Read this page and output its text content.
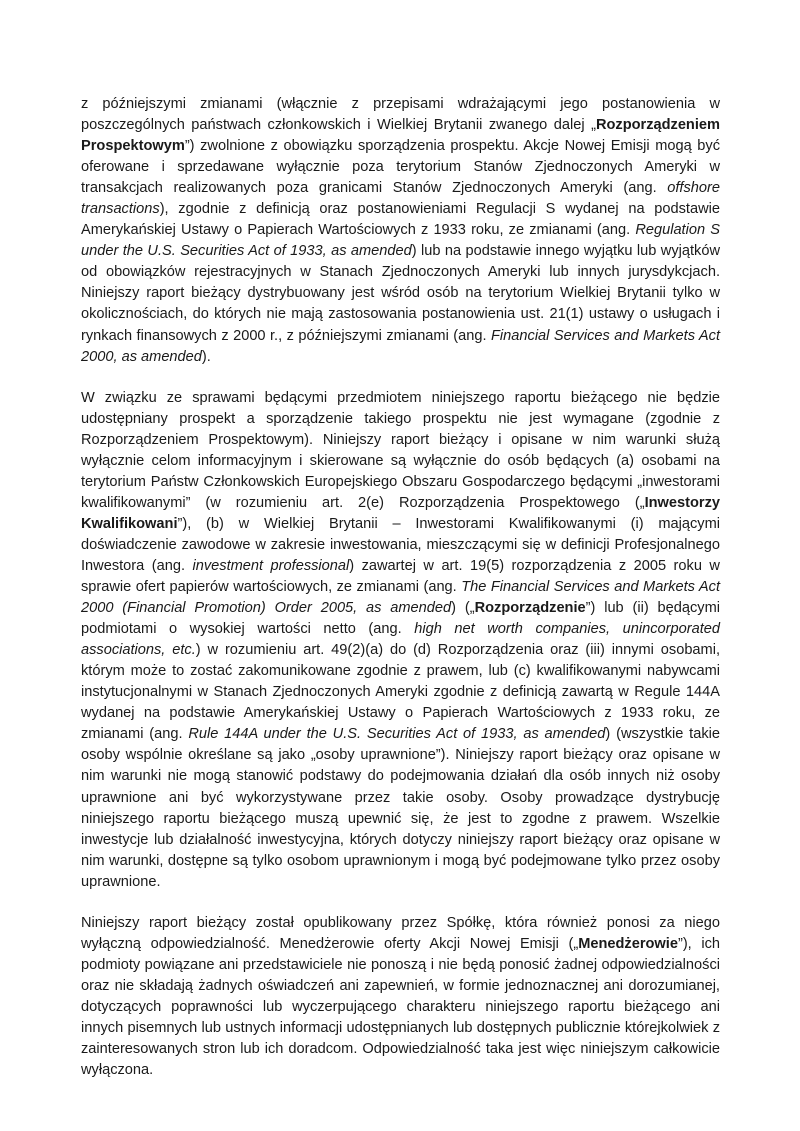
z późniejszymi zmianami (włącznie z przepisami wdrażającymi jego postanowienia w poszczególnych państwach członkowskich i Wielkiej Brytanii zwanego dalej „Rozporządzeniem Prospektowym”) zwolnione z obowiązku sporządzenia prospektu. Akcje Nowej Emisji mogą być oferowane i sprzedawane wyłącznie poza terytorium Stanów Zjednoczonych Ameryki w transakcjach realizowanych poza granicami Stanów Zjednoczonych Ameryki (ang. offshore transactions), zgodnie z definicją oraz postanowieniami Regulacji S wydanej na podstawie Amerykańskiej Ustawy o Papierach Wartościowych z 1933 roku, ze zmianami (ang. Regulation S under the U.S. Securities Act of 1933, as amended) lub na podstawie innego wyjątku lub wyjątków od obowiązków rejestracyjnych w Stanach Zjednoczonych Ameryki lub innych jurysdykcjach. Niniejszy raport bieżący dystrybuowany jest wśród osób na terytorium Wielkiej Brytanii tylko w okolicznościach, do których nie mają zastosowania postanowienia ust. 21(1) ustawy o usługach i rynkach finansowych z 2000 r., z późniejszymi zmianami (ang. Financial Services and Markets Act 2000, as amended).

W związku ze sprawami będącymi przedmiotem niniejszego raportu bieżącego nie będzie udostępniany prospekt a sporządzenie takiego prospektu nie jest wymagane (zgodnie z Rozporządzeniem Prospektowym). Niniejszy raport bieżący i opisane w nim warunki służą wyłącznie celom informacyjnym i skierowane są wyłącznie do osób będących (a) osobami na terytorium Państw Członkowskich Europejskiego Obszaru Gospodarczego będącymi „inwestorami kwalifikowanymi” (w rozumieniu art. 2(e) Rozporządzenia Prospektowego („Inwestorzy Kwalifikowani”), (b) w Wielkiej Brytanii – Inwestorami Kwalifikowanymi (i) mającymi doświadczenie zawodowe w zakresie inwestowania, mieszczącymi się w definicji Profesjonalnego Inwestora (ang. investment professional) zawartej w art. 19(5) rozporządzenia z 2005 roku w sprawie ofert papierów wartościowych, ze zmianami (ang. The Financial Services and Markets Act 2000 (Financial Promotion) Order 2005, as amended) („Rozporządzenie”) lub (ii) będącymi podmiotami o wysokiej wartości netto (ang. high net worth companies, unincorporated associations, etc.) w rozumieniu art. 49(2)(a) do (d) Rozporządzenia oraz (iii) innymi osobami, którym może to zostać zakomunikowane zgodnie z prawem, lub (c) kwalifikowanymi nabywcami instytucjonalnymi w Stanach Zjednoczonych Ameryki zgodnie z definicją zawartą w Regule 144A wydanej na podstawie Amerykańskiej Ustawy o Papierach Wartościowych z 1933 roku, ze zmianami (ang. Rule 144A under the U.S. Securities Act of 1933, as amended) (wszystkie takie osoby wspólnie określane są jako „osoby uprawnione”). Niniejszy raport bieżący oraz opisane w nim warunki nie mogą stanowić podstawy do podejmowania działań dla osób innych niż osoby uprawnione ani być wykorzystywane przez takie osoby. Osoby prowadzące dystrybucję niniejszego raportu bieżącego muszą upewnić się, że jest to zgodne z prawem. Wszelkie inwestycje lub działalność inwestycyjna, których dotyczy niniejszy raport bieżący oraz opisane w nim warunki, dostępne są tylko osobom uprawnionym i mogą być podejmowane tylko przez osoby uprawnione.

Niniejszy raport bieżący został opublikowany przez Spółkę, która również ponosi za niego wyłączną odpowiedzialność. Menedżerowie oferty Akcji Nowej Emisji („Menedżerowie”), ich podmioty powiązane ani przedstawiciele nie ponoszą i nie będą ponosić żadnej odpowiedzialności oraz nie składają żadnych oświadczeń ani zapewnień, w formie jednoznacznej ani dorozumianej, dotyczących poprawności lub wyczerpującego charakteru niniejszego raportu bieżącego ani innych pisemnych lub ustnych informacji udostępnianych lub dostępnych publicznie którejkolwiek z zainteresowanych stron lub ich doradcom. Odpowiedzialność taka jest więc niniejszym całkowicie wyłączona.
